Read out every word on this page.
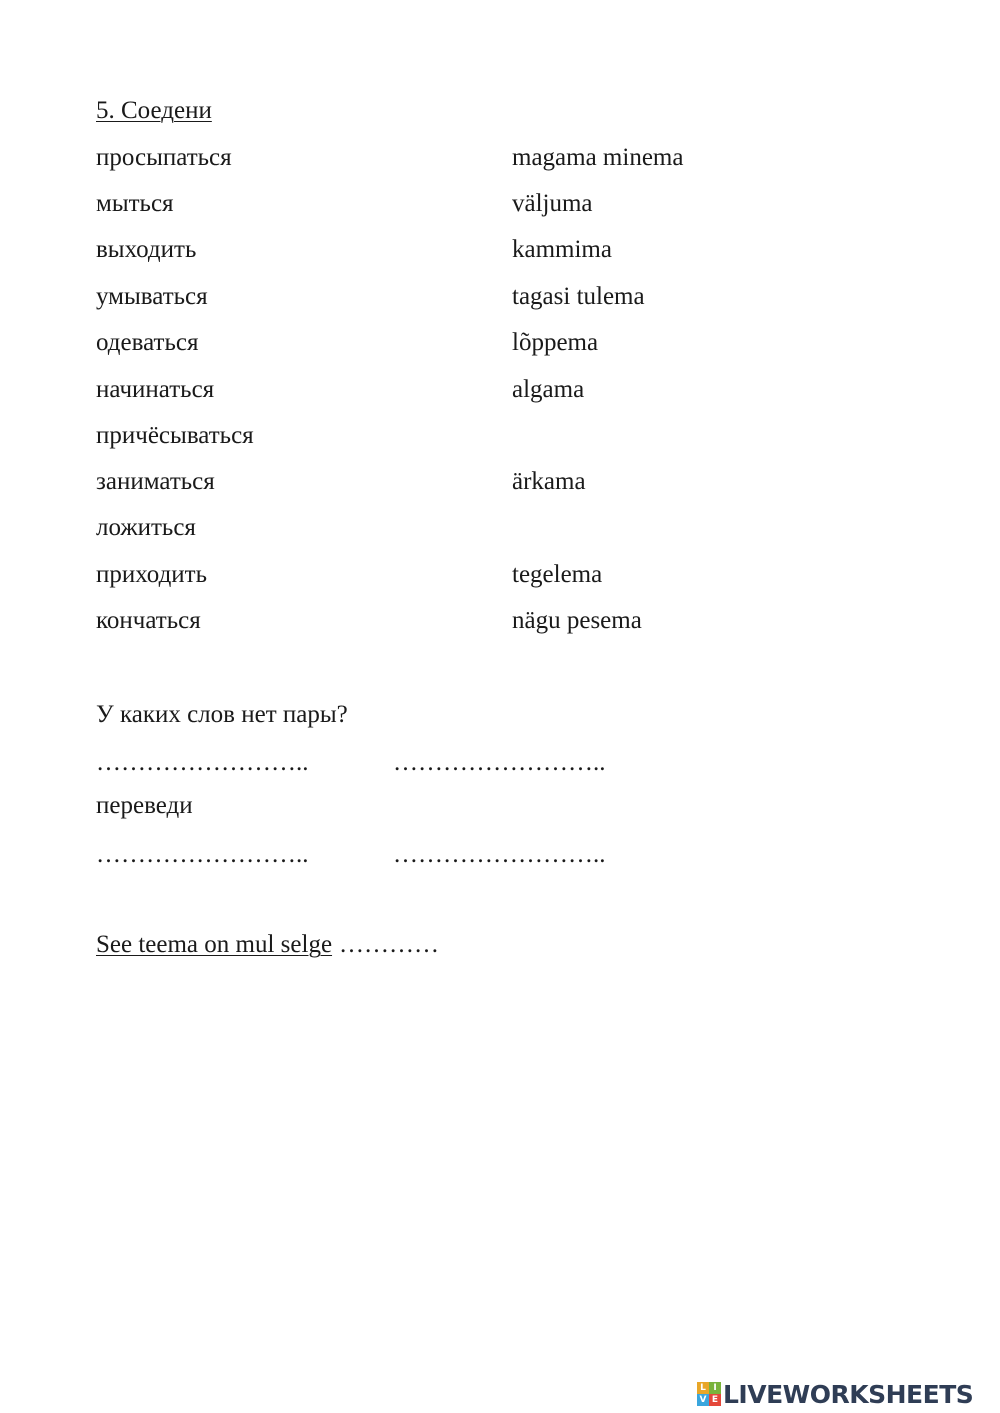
5. Соедени
просыпаться	magama minema
мыться	väljuma
выходить	kammima
умываться	tagasi tulema
одеваться	lõppema
начинаться	algama
причёсываться
заниматься	ärkama
ложиться
приходить	tegelema
кончаться	nägu pesema
У каких слов нет пары?
……………………..	……………………..
переведи
……………………..	……………………..
See teema on mul selge …………
L I
V E LIVEWORKSHEETS
